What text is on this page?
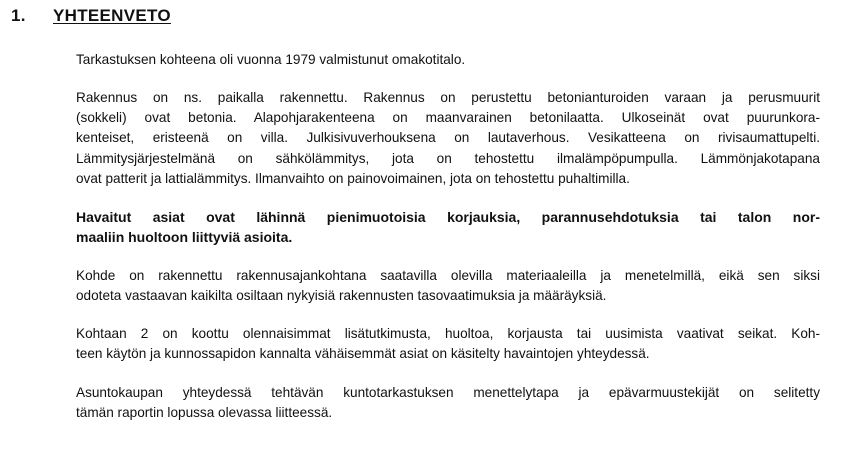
1. YHTEENVETO
Tarkastuksen kohteena oli vuonna 1979 valmistunut omakotitalo.
Rakennus on ns. paikalla rakennettu. Rakennus on perustettu betonianturoiden varaan ja perusmuurit
(sokkeli) ovat betonia. Alapohjarakenteena on maanvarainen betonilaatta. Ulkoseinät ovat puurunkora-
kenteiset, eristeenä on villa. Julkisivuverhouksena on lautaverhous. Vesikatteena on rivisaumattupelti.
Lämmitysjärjestelmänä on sähkölämmitys, jota on tehostettu ilmalämpöpumpulla. Lämmönjakotapana
ovat patterit ja lattialämmitys. Ilmanvaihto on painovoimainen, jota on tehostettu puhaltimilla.
Havaitut asiat ovat lähinnä pienimuotoisia korjauksia, parannusehdotuksia tai talon nor-
maaliin huoltoon liittyviä asioita.
Kohde on rakennettu rakennusajankohtana saatavilla olevilla materiaaleilla ja menetelmillä, eikä sen siksi
odoteta vastaavan kaikilta osiltaan nykyisiä rakennusten tasovaatimuksia ja määräyksiä.
Kohtaan 2 on koottu olennaisimmat lisätutkimusta, huoltoa, korjausta tai uusimista vaativat seikat. Koh-
teen käytön ja kunnossapidon kannalta vähäisemmät asiat on käsitelty havaintojen yhteydessä.
Asuntokaupan yhteydessä tehtävän kuntotarkastuksen menettelytapa ja epävarmuustekijät on selitetty
tämän raportin lopussa olevassa liitteessä.
